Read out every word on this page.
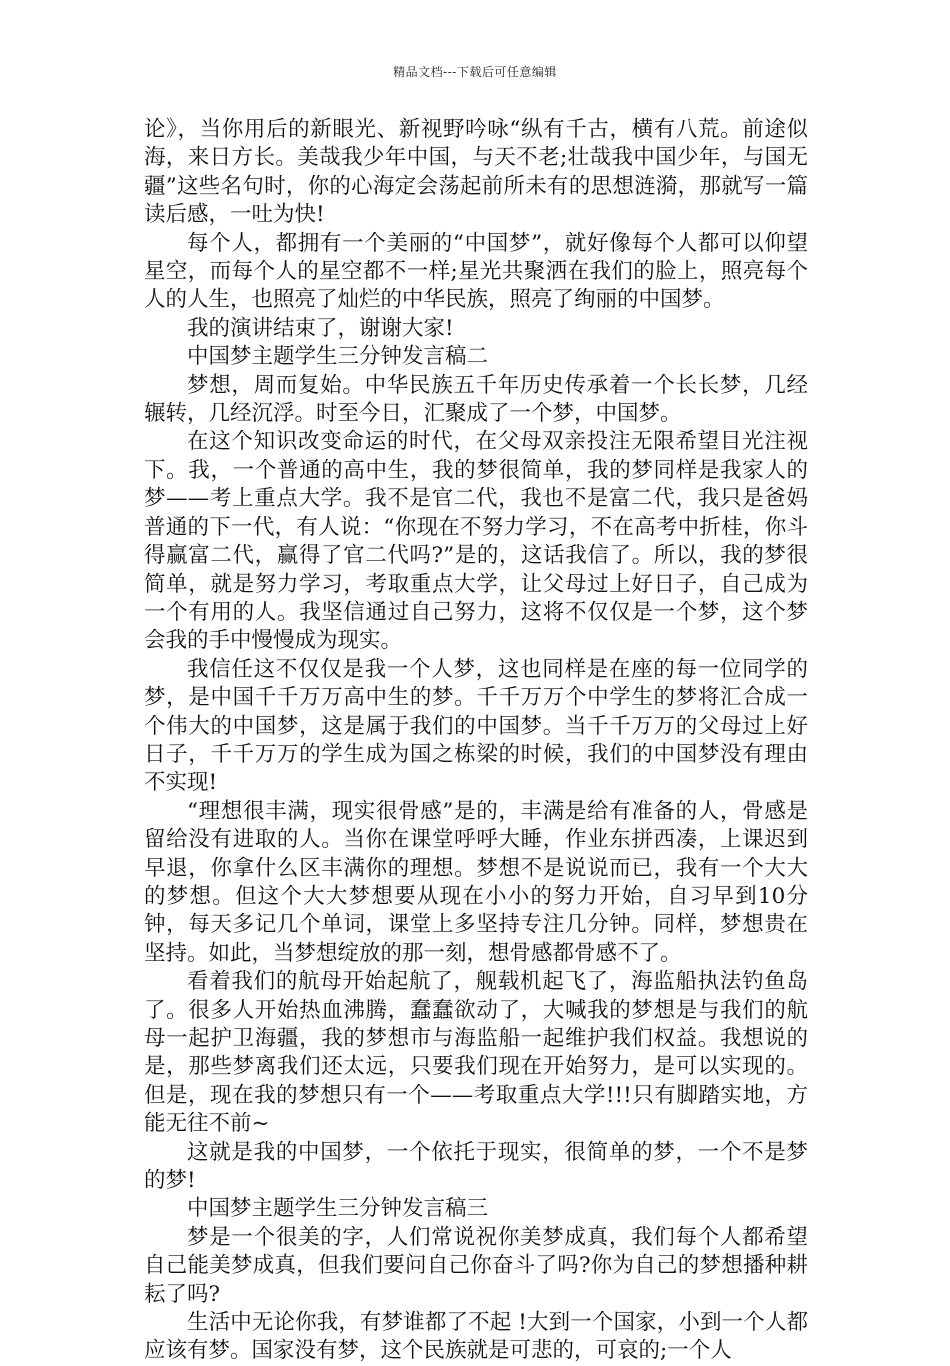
精品文档---下载后可任意编辑

论》，当你用后的新眼光、新视野吟咏“纵有千古，横有八荒。前途似海，来日方长。美哉我少年中国，与天不老;壮哉我中国少年，与国无疆”这些名句时，你的心海定会荡起前所未有的思想涟漪，那就写一篇读后感，一吐为快!

每个人，都拥有一个美丽的“中国梦”，就好像每个人都可以仰望星空，而每个人的星空都不一样;星光共聚洒在我们的脸上，照亮每个人的人生，也照亮了灿烂的中华民族，照亮了绚丽的中国梦。

我的演讲结束了，谢谢大家!

中国梦主题学生三分钟发言稿二

梦想，周而复始。中华民族五千年历史传承着一个长长梦，几经辗转，几经沉浮。时至今日，汇聚成了一个梦，中国梦。

在这个知识改变命运的时代，在父母双亲投注无限希望目光注视下。我，一个普通的高中生，我的梦很简单，我的梦同样是我家人的梦——考上重点大学。我不是官二代，我也不是富二代，我只是爸妈普通的下一代，有人说：“你现在不努力学习，不在高考中折桂，你斗得赢富二代，赢得了官二代吗?”是的，这话我信了。所以，我的梦很简单，就是努力学习，考取重点大学，让父母过上好日子，自己成为一个有用的人。我坚信通过自己努力，这将不仅仅是一个梦，这个梦会我的手中慢慢成为现实。

我信任这不仅仅是我一个人梦，这也同样是在座的每一位同学的梦，是中国千千万万高中生的梦。千千万万个中学生的梦将汇合成一个伟大的中国梦，这是属于我们的中国梦。当千千万万的父母过上好日子，千千万万的学生成为国之栋梁的时候，我们的中国梦没有理由不实现!

“理想很丰满，现实很骨感”是的，丰满是给有准备的人，骨感是留给没有进取的人。当你在课堂呼呼大睡，作业东拼西凑，上课迟到早退，你拿什么区丰满你的理想。梦想不是说说而已，我有一个大大的梦想。但这个大大梦想要从现在小小的努力开始，自习早到10分钟，每天多记几个单词，课堂上多坚持专注几分钟。同样，梦想贵在坚持。如此，当梦想绽放的那一刻，想骨感都骨感不了。

看着我们的航母开始起航了，舰载机起飞了，海监船执法钓鱼岛了。很多人开始热血沸腾，蠢蠢欲动了，大喊我的梦想是与我们的航母一起护卫海疆，我的梦想市与海监船一起维护我们权益。我想说的是，那些梦离我们还太远，只要我们现在开始努力，是可以实现的。但是，现在我的梦想只有一个——考取重点大学!!!只有脚踏实地，方能无往不前~

这就是我的中国梦，一个依托于现实，很简单的梦，一个不是梦的梦!

中国梦主题学生三分钟发言稿三

梦是一个很美的字，人们常说祝你美梦成真，我们每个人都希望自己能美梦成真，但我们要问自己你奋斗了吗?你为自己的梦想播种耕耘了吗?

生活中无论你我，有梦谁都了不起 !大到一个国家，小到一个人都应该有梦。国家没有梦，这个民族就是可悲的，可哀的;一个人
